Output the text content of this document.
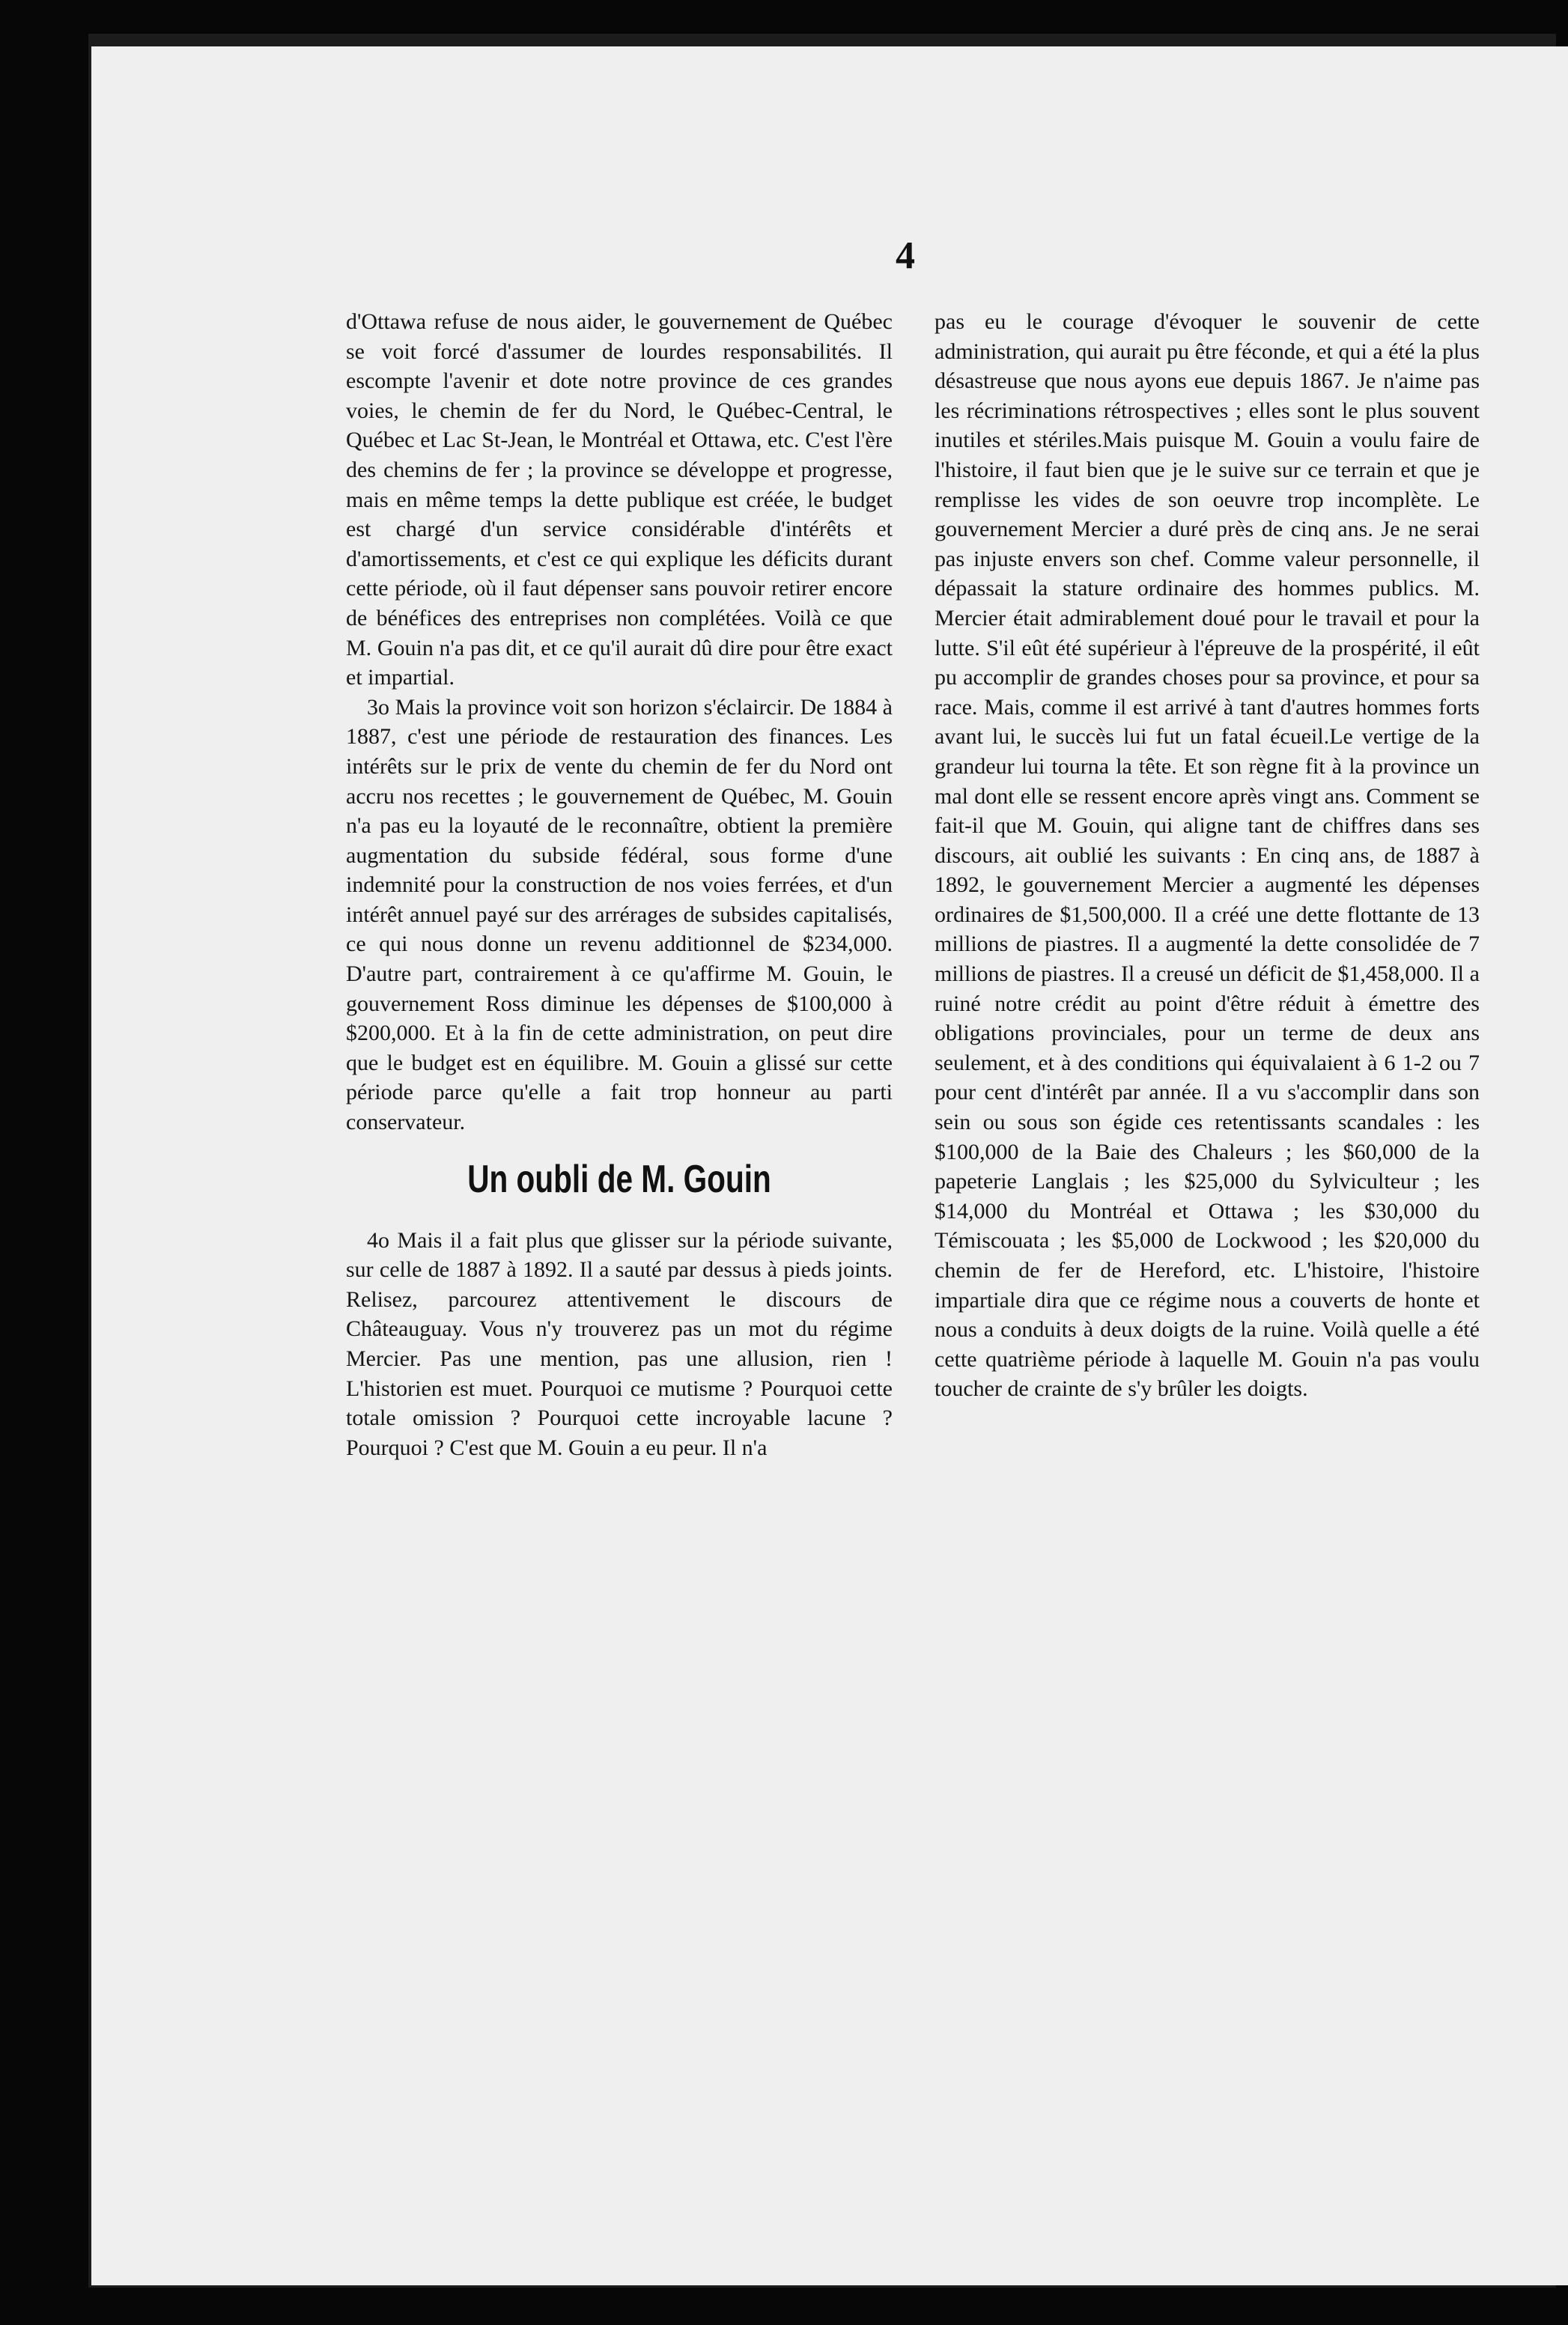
4

d'Ottawa refuse de nous aider, le gouvernement de Québec se voit forcé d'assumer de lourdes responsabilités. Il escompte l'avenir et dote notre province de ces grandes voies, le chemin de fer du Nord, le Québec-Central, le Québec et Lac St-Jean, le Montréal et Ottawa, etc. C'est l'ère des chemins de fer ; la province se développe et progresse, mais en même temps la dette publique est créée, le budget est chargé d'un service considérable d'intérêts et d'amortissements, et c'est ce qui explique les déficits durant cette période, où il faut dépenser sans pouvoir retirer encore de bénéfices des entreprises non complétées. Voilà ce que M. Gouin n'a pas dit, et ce qu'il aurait dû dire pour être exact et impartial.

3o Mais la province voit son horizon s'éclaircir. De 1884 à 1887, c'est une période de restauration des finances. Les intérêts sur le prix de vente du chemin de fer du Nord ont accru nos recettes ; le gouvernement de Québec, M. Gouin n'a pas eu la loyauté de le reconnaître, obtient la première augmentation du subside fédéral, sous forme d'une indemnité pour la construction de nos voies ferrées, et d'un intérêt annuel payé sur des arrérages de subsides capitalisés, ce qui nous donne un revenu additionnel de $234,000. D'autre part, contrairement à ce qu'affirme M. Gouin, le gouvernement Ross diminue les dépenses de $100,000 à $200,000. Et à la fin de cette administration, on peut dire que le budget est en équilibre. M. Gouin a glissé sur cette période parce qu'elle a fait trop honneur au parti conservateur.

Un oubli de M. Gouin

4o Mais il a fait plus que glisser sur la période suivante, sur celle de 1887 à 1892. Il a sauté par dessus à pieds joints. Relisez, parcourez attentivement le discours de Châteauguay. Vous n'y trouverez pas un mot du régime Mercier. Pas une mention, pas une allusion, rien ! L'historien est muet. Pourquoi ce mutisme ? Pourquoi cette totale omission ? Pourquoi cette incroyable lacune ? Pourquoi ? C'est que M. Gouin a eu peur. Il n'a

pas eu le courage d'évoquer le souvenir de cette administration, qui aurait pu être féconde, et qui a été la plus désastreuse que nous ayons eue depuis 1867. Je n'aime pas les récriminations rétrospectives ; elles sont le plus souvent inutiles et stériles.Mais puisque M. Gouin a voulu faire de l'histoire, il faut bien que je le suive sur ce terrain et que je remplisse les vides de son oeuvre trop incomplète. Le gouvernement Mercier a duré près de cinq ans. Je ne serai pas injuste envers son chef. Comme valeur personnelle, il dépassait la stature ordinaire des hommes publics. M. Mercier était admirablement doué pour le travail et pour la lutte. S'il eût été supérieur à l'épreuve de la prospérité, il eût pu accomplir de grandes choses pour sa province, et pour sa race. Mais, comme il est arrivé à tant d'autres hommes forts avant lui, le succès lui fut un fatal écueil.Le vertige de la grandeur lui tourna la tête. Et son règne fit à la province un mal dont elle se ressent encore après vingt ans. Comment se fait-il que M. Gouin, qui aligne tant de chiffres dans ses discours, ait oublié les suivants : En cinq ans, de 1887 à 1892, le gouvernement Mercier a augmenté les dépenses ordinaires de $1,500,000. Il a créé une dette flottante de 13 millions de piastres. Il a augmenté la dette consolidée de 7 millions de piastres. Il a creusé un déficit de $1,458,000. Il a ruiné notre crédit au point d'être réduit à émettre des obligations provinciales, pour un terme de deux ans seulement, et à des conditions qui équivalaient à 6 1-2 ou 7 pour cent d'intérêt par année. Il a vu s'accomplir dans son sein ou sous son égide ces retentissants scandales : les $100,000 de la Baie des Chaleurs ; les $60,000 de la papeterie Langlais ; les $25,000 du Sylviculteur ; les $14,000 du Montréal et Ottawa ; les $30,000 du Témiscouata ; les $5,000 de Lockwood ; les $20,000 du chemin de fer de Hereford, etc. L'histoire, l'histoire impartiale dira que ce régime nous a couverts de honte et nous a conduits à deux doigts de la ruine. Voilà quelle a été cette quatrième période à laquelle M. Gouin n'a pas voulu toucher de crainte de s'y brûler les doigts.
